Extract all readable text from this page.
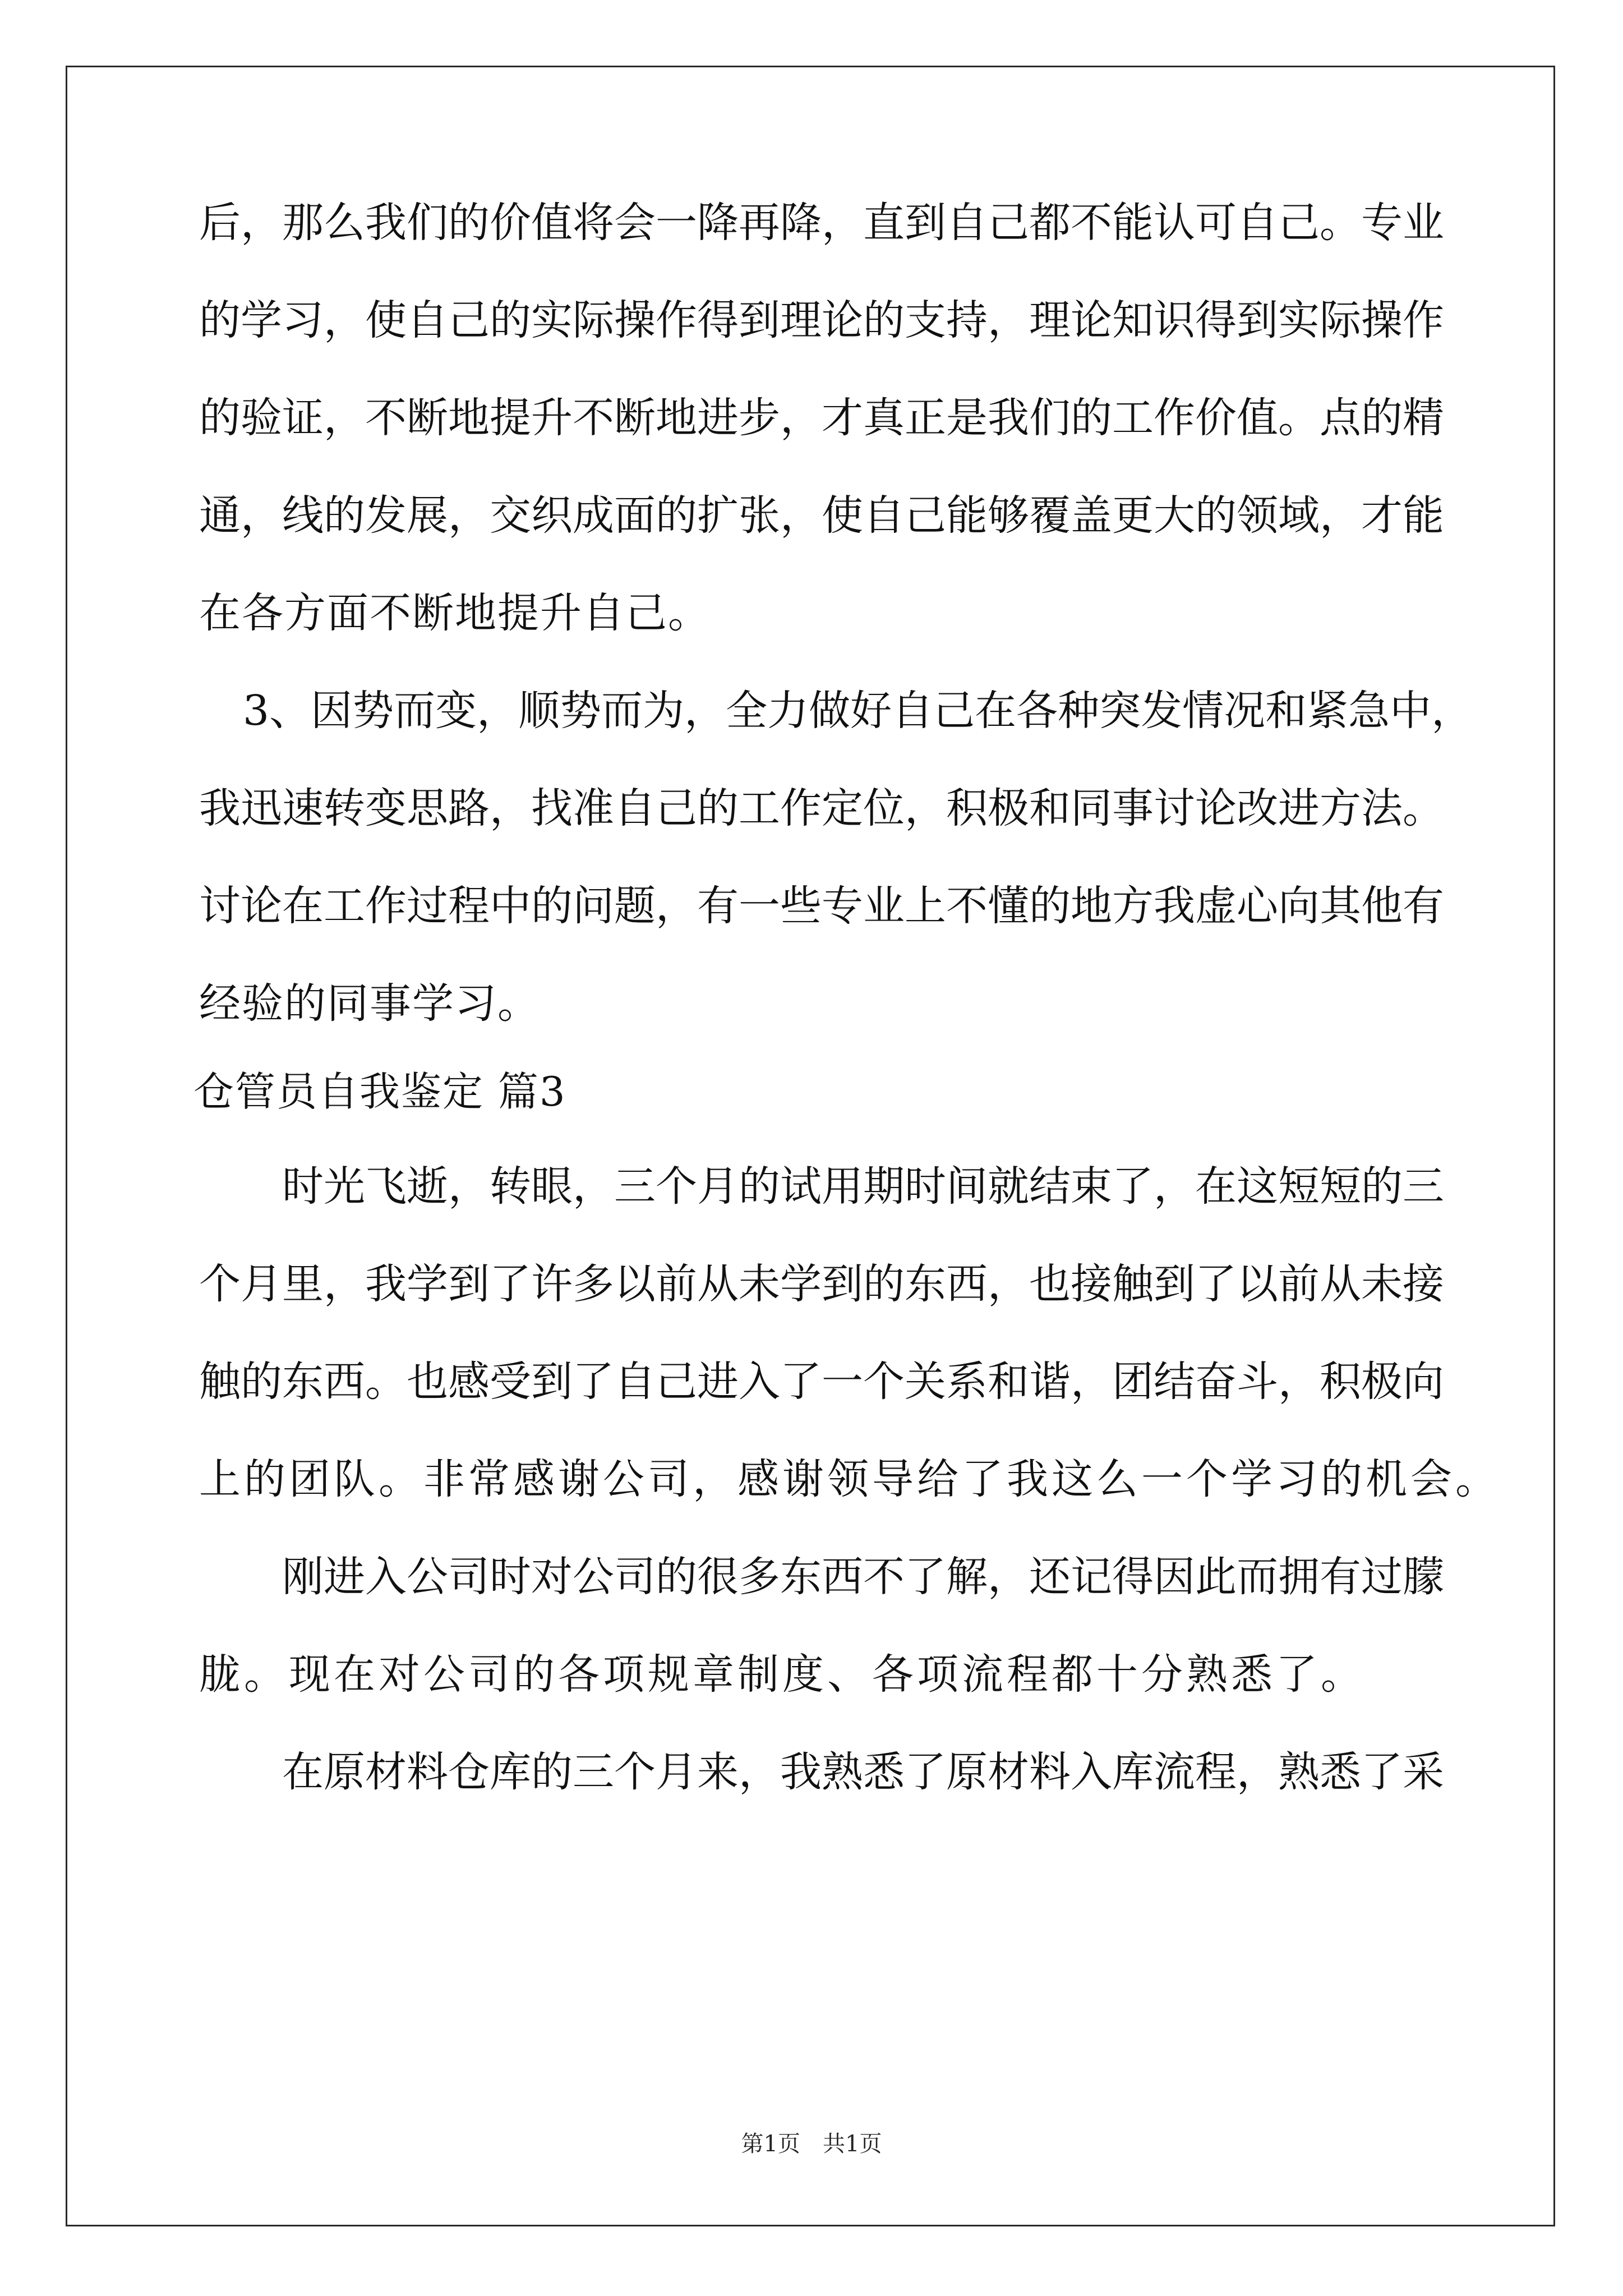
后 ， 那 么 我 们 的 价 值 将 会 一 降 再 降 ， 直 到 自 己 都 不 能 认 可 自 己 。 专 业
的 学 习 ， 使 自 己 的 实 际 操 作 得 到 理 论 的 支 持 ， 理 论 知 识 得 到 实 际 操 作
的 验 证 ， 不 断 地 提 升 不 断 地 进 步 ， 才 真 正 是 我 们 的 工 作 价 值 。 点 的 精
通 ， 线 的 发 展 ， 交 织 成 面 的 扩 张 ， 使 自 己 能 够 覆 盖 更 大 的 领 域 ， 才 能
在各方面不断地提升自己。
3 、 因 势 而 变 ， 顺 势 而 为 ， 全 力 做 好 自 己 在 各 种 突 发 情 况 和 紧 急 中 ，
我 迅 速 转 变 思 路 ， 找 准 自 己 的 工 作 定 位 ， 积 极 和 同 事 讨 论 改 进 方 法 。
讨 论 在 工 作 过 程 中 的 问 题 ， 有 一 些 专 业 上 不 懂 的 地 方 我 虚 心 向 其 他 有
经验的同事学习。
仓管员自我鉴定 篇3
时 光 飞 逝 ， 转 眼 ， 三 个 月 的 试 用 期 时 间 就 结 束 了 ， 在 这 短 短 的 三
个 月 里 ， 我 学 到 了 许 多 以 前 从 未 学 到 的 东 西 ， 也 接 触 到 了 以 前 从 未 接
触 的 东 西 。 也 感 受 到 了 自 己 进 入 了 一 个 关 系 和 谐 ， 团 结 奋 斗 ， 积 极 向
上的团队。非常感谢公司，感谢领导给了我这么一个学习的机会。
刚 进 入 公 司 时 对 公 司 的 很 多 东 西 不 了 解 ， 还 记 得 因 此 而 拥 有 过 朦
胧。现在对公司的各项规章制度、各项流程都十分熟悉了。
在 原 材 料 仓 库 的 三 个 月 来 ， 我 熟 悉 了 原 材 料 入 库 流 程 ， 熟 悉 了 采
第1页　共1页
